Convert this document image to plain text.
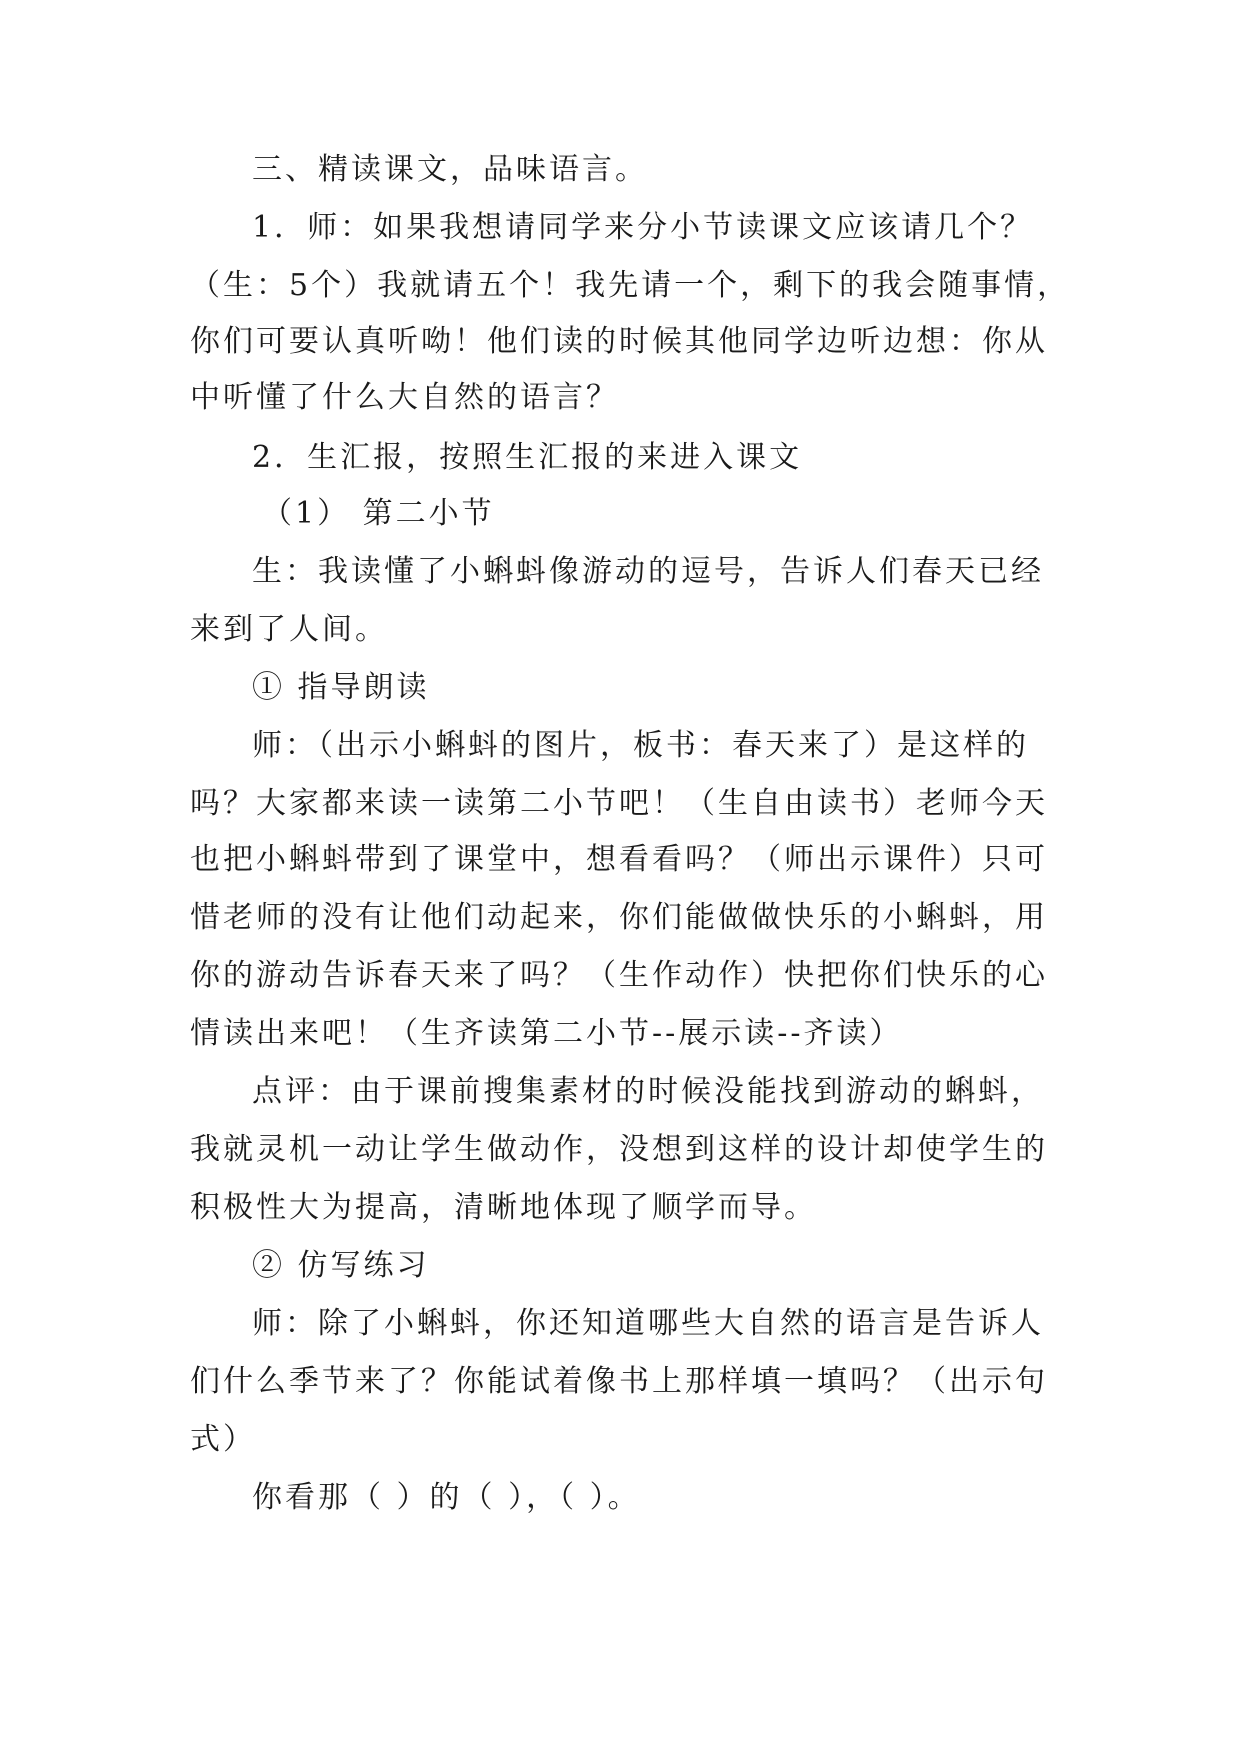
三、精读课文，品味语言。
1．师：如果我想请同学来分小节读课文应该请几个？
（生：5个）我就请五个！我先请一个，剩下的我会随事情，
你们可要认真听呦！他们读的时候其他同学边听边想：你从
中听懂了什么大自然的语言？
2．生汇报，按照生汇报的来进入课文
（1） 第二小节
生：我读懂了小蝌蚪像游动的逗号，告诉人们春天已经
来到了人间。
① 指导朗读
师：（出示小蝌蚪的图片，板书：春天来了）是这样的
吗？大家都来读一读第二小节吧！（生自由读书）老师今天
也把小蝌蚪带到了课堂中，想看看吗？（师出示课件）只可
惜老师的没有让他们动起来，你们能做做快乐的小蝌蚪，用
你的游动告诉春天来了吗？（生作动作）快把你们快乐的心
情读出来吧！（生齐读第二小节--展示读--齐读）
点评：由于课前搜集素材的时候没能找到游动的蝌蚪，
我就灵机一动让学生做动作，没想到这样的设计却使学生的
积极性大为提高，清晰地体现了顺学而导。
② 仿写练习
师：除了小蝌蚪，你还知道哪些大自然的语言是告诉人
们什么季节来了？你能试着像书上那样填一填吗？（出示句
式）
你看那（ ）的（ ），（ ）。
